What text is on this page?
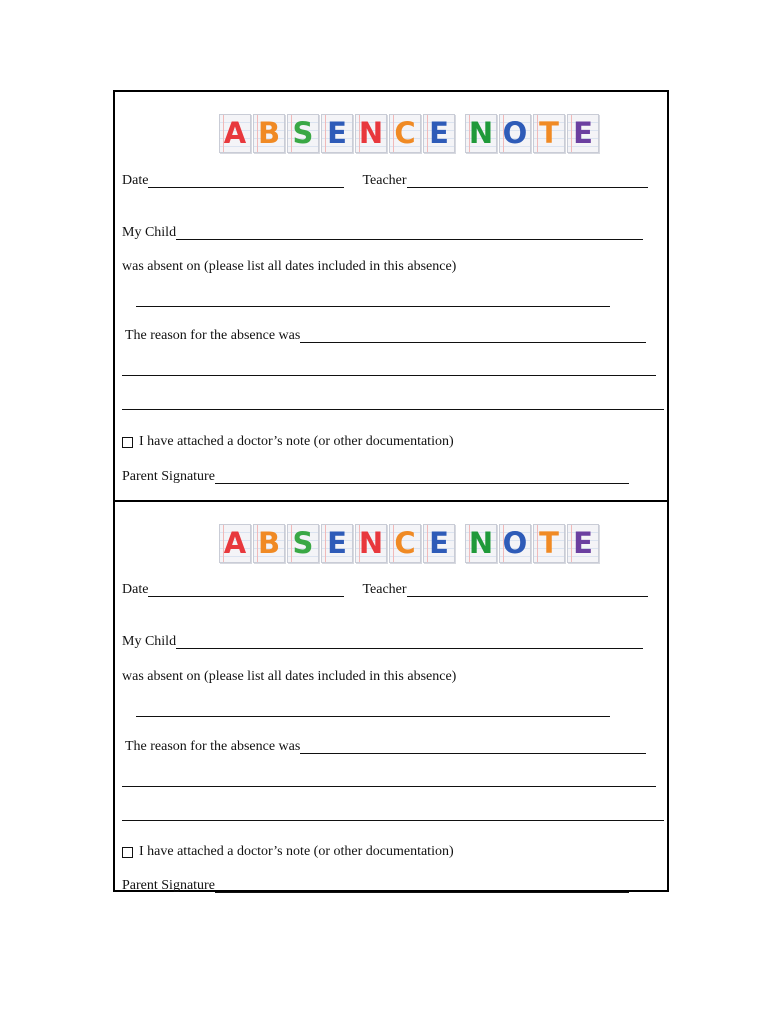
A B S E N C E N O T E
Date	Teacher
My Child
was absent on (please list all dates included in this absence)
The reason for the absence was
I have attached a doctor’s note (or other documentation)
Parent Signature
A B S E N C E N O T E
Date	Teacher
My Child
was absent on (please list all dates included in this absence)
The reason for the absence was
I have attached a doctor’s note (or other documentation)
Parent Signature
